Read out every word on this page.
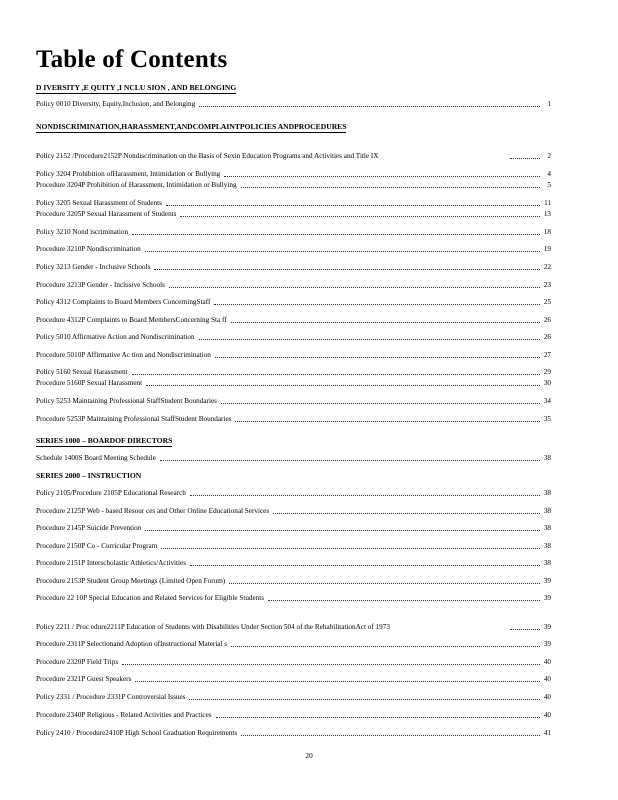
Table of Contents
D IVERSITY ,E QUITY ,I NCLU SION , AND BELONGING
Policy 0010 Diversity, Equity,Inclusion, and Belonging	1
NONDISCRIMINATION,HARASSMENT,ANDCOMPLAINTPOLICIES ANDPROCEDURES
Policy 2152 /Procedure2152P Nondiscrimination on the Basis of Sexin Education Programs and Activities and Title IX	2
Policy 3204 Prohibition ofHarassment, Intimidation or Bullying	4
Procedure 3204P Prohibition of Harassment, Intimidation or Bullying	5
Policy 3205 Sexual Harassment of Students	11
Procedure 3205P Sexual Harassment of Students	13
Policy 3210 Nond iscrimination	18
Procedure 3210P Nondiscrimination	19
Policy 3213 Gender - Inclusive Schools	22
Procedure 3213P Gender - Inclusive Schools	23
Policy 4312 Complaints to Board Members ConcerningStaff	25
Procedure 4312P Complaints to Board MembersConcerning Sta ff	26
Policy 5010 Affirmative Action and Nondiscrimination	26
Procedure 5010P Affirmative Ac tion and Nondiscrimination	27
Policy 5160 Sexual Harassment	29
Procedure 5160P Sexual Harassment	30
Policy 5253 Maintaining Professional StaffStudent Boundaries	34
Procedure 5253P Maintaining Professional StaffStudent Boundaries	35
SERIES 1000 – BOARDOF DIRECTORS
Schedule 1400S Board Meeting Schedule	38
SERIES 2000 – INSTRUCTION
Policy 2105/Procedure 2105P Educational Research	38
Procedure 2125P Web - based Resour ces and Other Online Educational Services	38
Procedure 2145P Suicide Prevention	38
Procedure 2150P Co - Curricular Program	38
Procedure 2151P Interscholastic Athletics/Activities	38
Procedure 2153P Student Group Meetings (Limited Open Forum)	39
Procedure 22 10P Special Education and Related Services for Eligible Students	39
Policy 2211 / Proc edure2211P Education of Students with Disabilities Under Section 504 of the RehabilitationAct of 1973	39
Procedure 2311P Selectionand Adoption ofInstructional Material s	39
Procedure 2320P Field Trips	40
Procedure 2321P Guest Speakers	40
Policy 2331 / Procedure 2331P Controversial Issues	40
Procedure 2340P Religious - Related Activities and Practices	40
Policy 2410 / Procedure2410P High School Graduation Requirements	41
20
